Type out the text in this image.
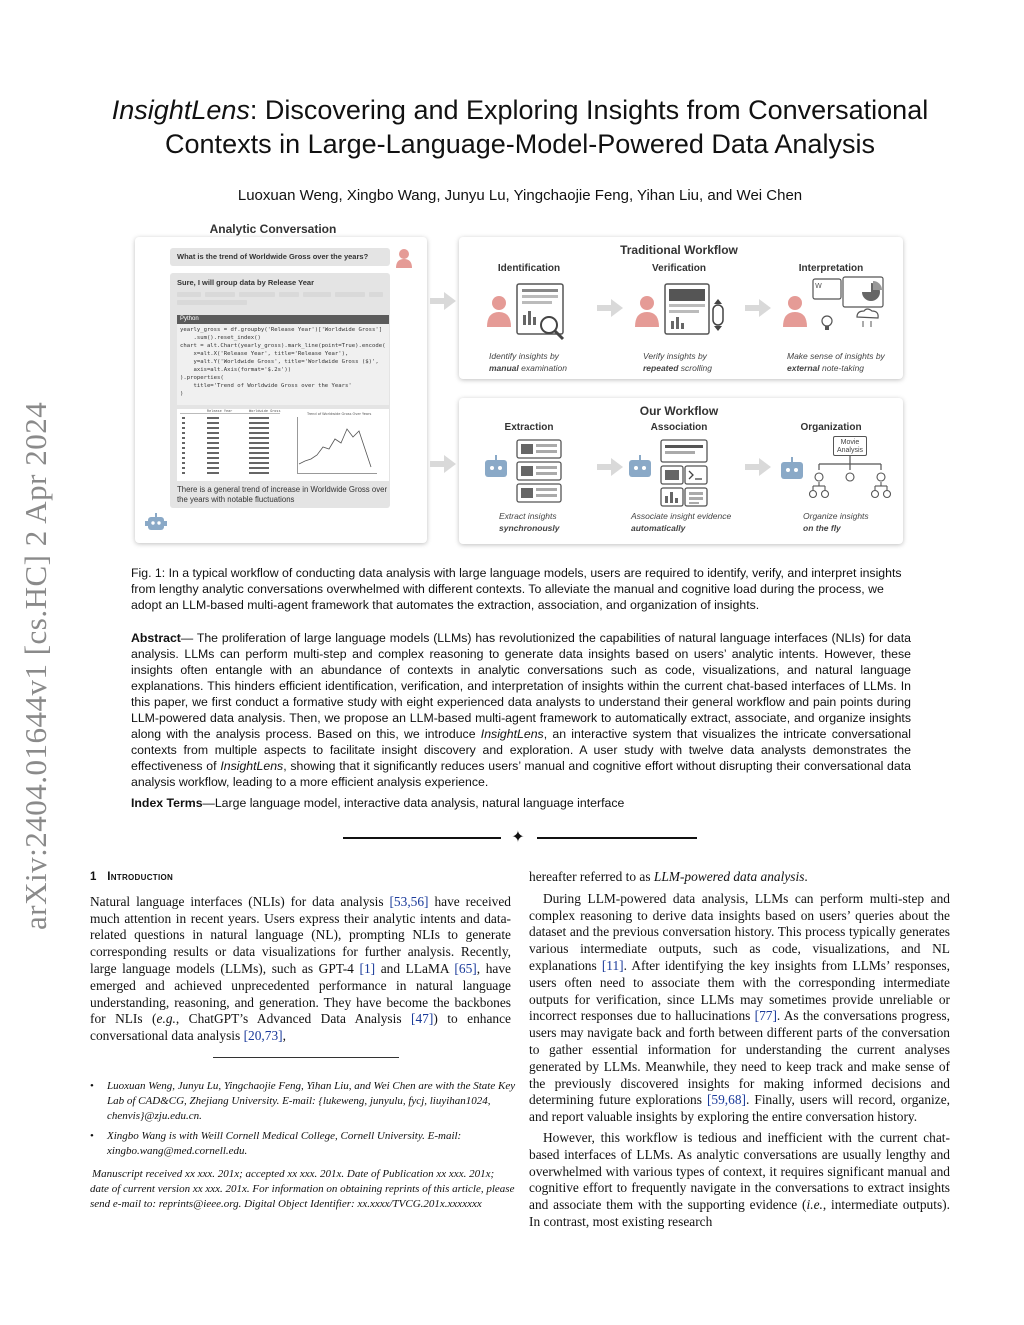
arXiv:2404.01644v1 [cs.HC] 2 Apr 2024
InsightLens: Discovering and Exploring Insights from Conversational
Contexts in Large-Language-Model-Powered Data Analysis
Luoxuan Weng, Xingbo Wang, Junyu Lu, Yingchaojie Feng, Yihan Liu, and Wei Chen
Analytic Conversation
What is the trend of Worldwide Gross over the years?
Sure, I will group data by Release Year
yearly_gross = df.groupby('Release Year')['Worldwide Gross']
.sum().reset_index()
chart = alt.Chart(yearly_gross).mark_line(point=True).encode(
x=alt.X('Release Year', title='Release Year'),
y=alt.Y('Worldwide Gross', title='Worldwide Gross ($)',
axis=alt.Axis(format='$.2s'))
).properties(
title='Trend of Worldwide Gross over the Years'
)
Python
Release Year	Worldwide Gross
Trend of Worldwide Gross Over Years
There is a general trend of increase in Worldwide Gross over the years with notable fluctuations
Traditional Workflow
Identification
Identify insights by
manual examination
Verification
Verify insights by
repeated scrolling
Interpretation
W
Make sense of insights by
external note-taking
Our Workflow
Extraction
Extract insights
synchronously
Association
Associate insight evidence
automatically
Organization
Movie Analysis
Organize insights
on the fly
Fig. 1: In a typical workflow of conducting data analysis with large language models, users are required to identify, verify, and interpret insights from lengthy analytic conversations overwhelmed with different contexts. To alleviate the manual and cognitive load during the process, we adopt an LLM-based multi-agent framework that automates the extraction, association, and organization of insights.
Abstract— The proliferation of large language models (LLMs) has revolutionized the capabilities of natural language interfaces (NLIs) for data analysis. LLMs can perform multi-step and complex reasoning to generate data insights based on users’ analytic intents. However, these insights often entangle with an abundance of contexts in analytic conversations such as code, visualizations, and natural language explanations. This hinders efficient identification, verification, and interpretation of insights within the current chat-based interfaces of LLMs. In this paper, we first conduct a formative study with eight experienced data analysts to understand their general workflow and pain points during LLM-powered data analysis. Then, we propose an LLM-based multi-agent framework to automatically extract, associate, and organize insights along with the analysis process. Based on this, we introduce InsightLens, an interactive system that visualizes the intricate conversational contexts from multiple aspects to facilitate insight discovery and exploration. A user study with twelve data analysts demonstrates the effectiveness of InsightLens, showing that it significantly reduces users’ manual and cognitive effort without disrupting their conversational data analysis workflow, leading to a more efficient analysis experience.
Index Terms—Large language model, interactive data analysis, natural language interface
✦
1 Introduction

Natural language interfaces (NLIs) for data analysis [53,56] have received much attention in recent years. Users express their analytic intents and data-related questions in natural language (NL), prompting NLIs to generate corresponding results or data visualizations for further analysis. Recently, large language models (LLMs), such as GPT-4 [1] and LLaMA [65], have emerged and achieved unprecedented performance in natural language understanding, reasoning, and generation. They have become the backbones for NLIs (e.g., ChatGPT’s Advanced Data Analysis [47]) to enhance conversational data analysis [20,73],

• Luoxuan Weng, Junyu Lu, Yingchaojie Feng, Yihan Liu, and Wei Chen are with the State Key Lab of CAD&CG, Zhejiang University. E-mail: {lukeweng, junyulu, fycj, liuyihan1024, chenvis}@zju.edu.cn.
• Xingbo Wang is with Weill Cornell Medical College, Cornell University. E-mail: xingbo.wang@med.cornell.edu.
Manuscript received xx xxx. 201x; accepted xx xxx. 201x. Date of Publication xx xxx. 201x; date of current version xx xxx. 201x. For information on obtaining reprints of this article, please send e-mail to: reprints@ieee.org. Digital Object Identifier: xx.xxxx/TVCG.201x.xxxxxxx

hereafter referred to as LLM-powered data analysis.

During LLM-powered data analysis, LLMs can perform multi-step and complex reasoning to derive data insights based on users’ queries about the dataset and the previous conversation history. This process typically generates various intermediate outputs, such as code, visualizations, and NL explanations [11]. After identifying the key insights from LLMs’ responses, users often need to associate them with the corresponding intermediate outputs for verification, since LLMs may sometimes provide unreliable or incorrect responses due to hallucinations [77]. As the conversations progress, users may navigate back and forth between different parts of the conversation to gather essential information for understanding the current analyses generated by LLMs. Meanwhile, they need to keep track and make sense of the previously discovered insights for making informed decisions and determining future explorations [59,68]. Finally, users will record, organize, and report valuable insights by exploring the entire conversation history.

However, this workflow is tedious and inefficient with the current chat-based interfaces of LLMs. As analytic conversations are usually lengthy and overwhelmed with various types of context, it requires significant manual and cognitive effort to frequently navigate in the conversations to extract insights and associate them with the supporting evidence (i.e., intermediate outputs). In contrast, most existing research
